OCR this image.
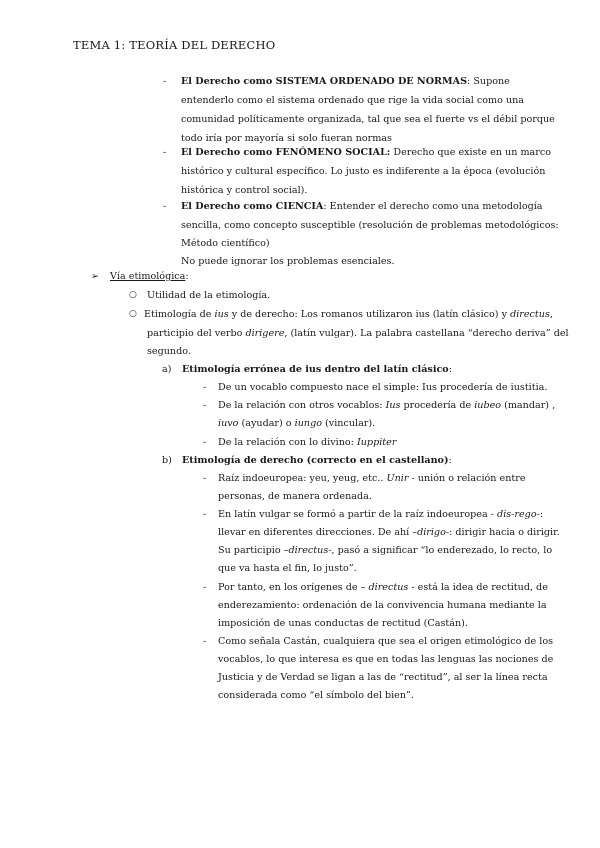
TEMA 1: TEORÍA DEL DERECHO
- El Derecho como SISTEMA ORDENADO DE NORMAS: Supone
entenderlo como el sistema ordenado que rige la vida social como una
comunidad políticamente organizada, tal que sea el fuerte vs el débil porque
todo iría por mayoría si solo fueran normas
- El Derecho como FENÓMENO SOCIAL: Derecho que existe en un marco
histórico y cultural específico. Lo justo es indiferente a la época (evolución
histórica y control social).
- El Derecho como CIENCIA: Entender el derecho como una metodología
sencilla, como concepto susceptible (resolución de problemas metodológicos:
Método científico)
No puede ignorar los problemas esenciales.
➢ Vía etimológica:
○ Utilidad de la etimología.
○ Etimología de ius y de derecho: Los romanos utilizaron ius (latín clásico) y directus,
participio del verbo dirigere, (latín vulgar). La palabra castellana “derecho deriva” del
segundo.
a) Etimología errónea de ius dentro del latín clásico:
- De un vocablo compuesto nace el simple: Ius procedería de iustitia.
- De la relación con otros vocablos: Ius procedería de iubeo (mandar) ,
iuvo (ayudar) o iungo (vincular).
- De la relación con lo divino: Iuppiter
b) Etimología de derecho (correcto en el castellano):
- Raíz indoeuropea: yeu, yeug, etc.. Unir - unión o relación entre
personas, de manera ordenada.
- En latín vulgar se formó a partir de la raíz indoeuropea - dis-rego-:
llevar en diferentes direcciones. De ahí –dirigo-: dirigir hacia o dirigir.
Su participio –directus-, pasó a significar “lo enderezado, lo recto, lo
que va hasta el fin, lo justo”.
- Por tanto, en los orígenes de – directus - está la idea de rectitud, de
enderezamiento: ordenación de la convivencia humana mediante la
imposición de unas conductas de rectitud (Castán).
- Como señala Castán, cualquiera que sea el origen etimológico de los
vocablos, lo que interesa es que en todas las lenguas las nociones de
Justicia y de Verdad se ligan a las de “rectitud”, al ser la línea recta
considerada como “el símbolo del bien”.
